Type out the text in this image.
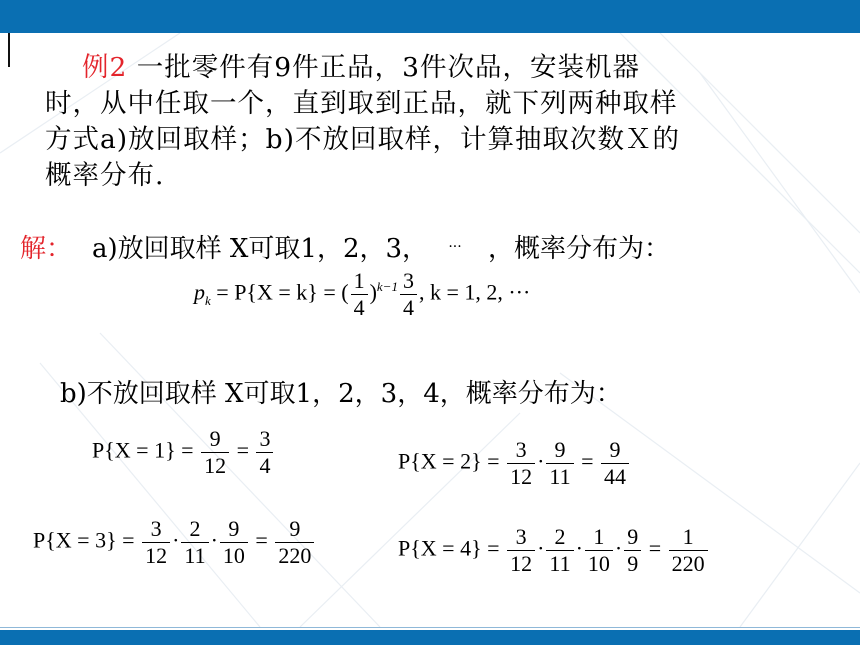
例2 一批零件有9件正品，3件次品，安装机器
时，从中任取一个，直到取到正品，就下列两种取样
方式a)放回取样；b)不放回取样，计算抽取次数Ｘ的
概率分布.
解： a)放回取样 X可取1，2，3， ··· ，概率分布为：
$p_k = P\{X = k\}$ = ( $\frac{1}{4} )^{k-1} \frac{3}{4}$ , k = 1, 2, ···
b)不放回取样 X可取1，2，3，4，概率分布为：
$P\{X = 1\} = \frac{9}{12} = \frac{3}{4}$	$P\{X = 2\} = \frac{3}{12} \cdot \frac{9}{11} = \frac{9}{44}$
$P\{X = 3\} = \frac{3}{12} \cdot \frac{2}{11} \cdot \frac{9}{10} = \frac{9}{220}$	$P\{X = 4\} = \frac{3}{12} \cdot \frac{2}{11} \cdot \frac{1}{10} \cdot \frac{9}{9} = \frac{1}{220}$
